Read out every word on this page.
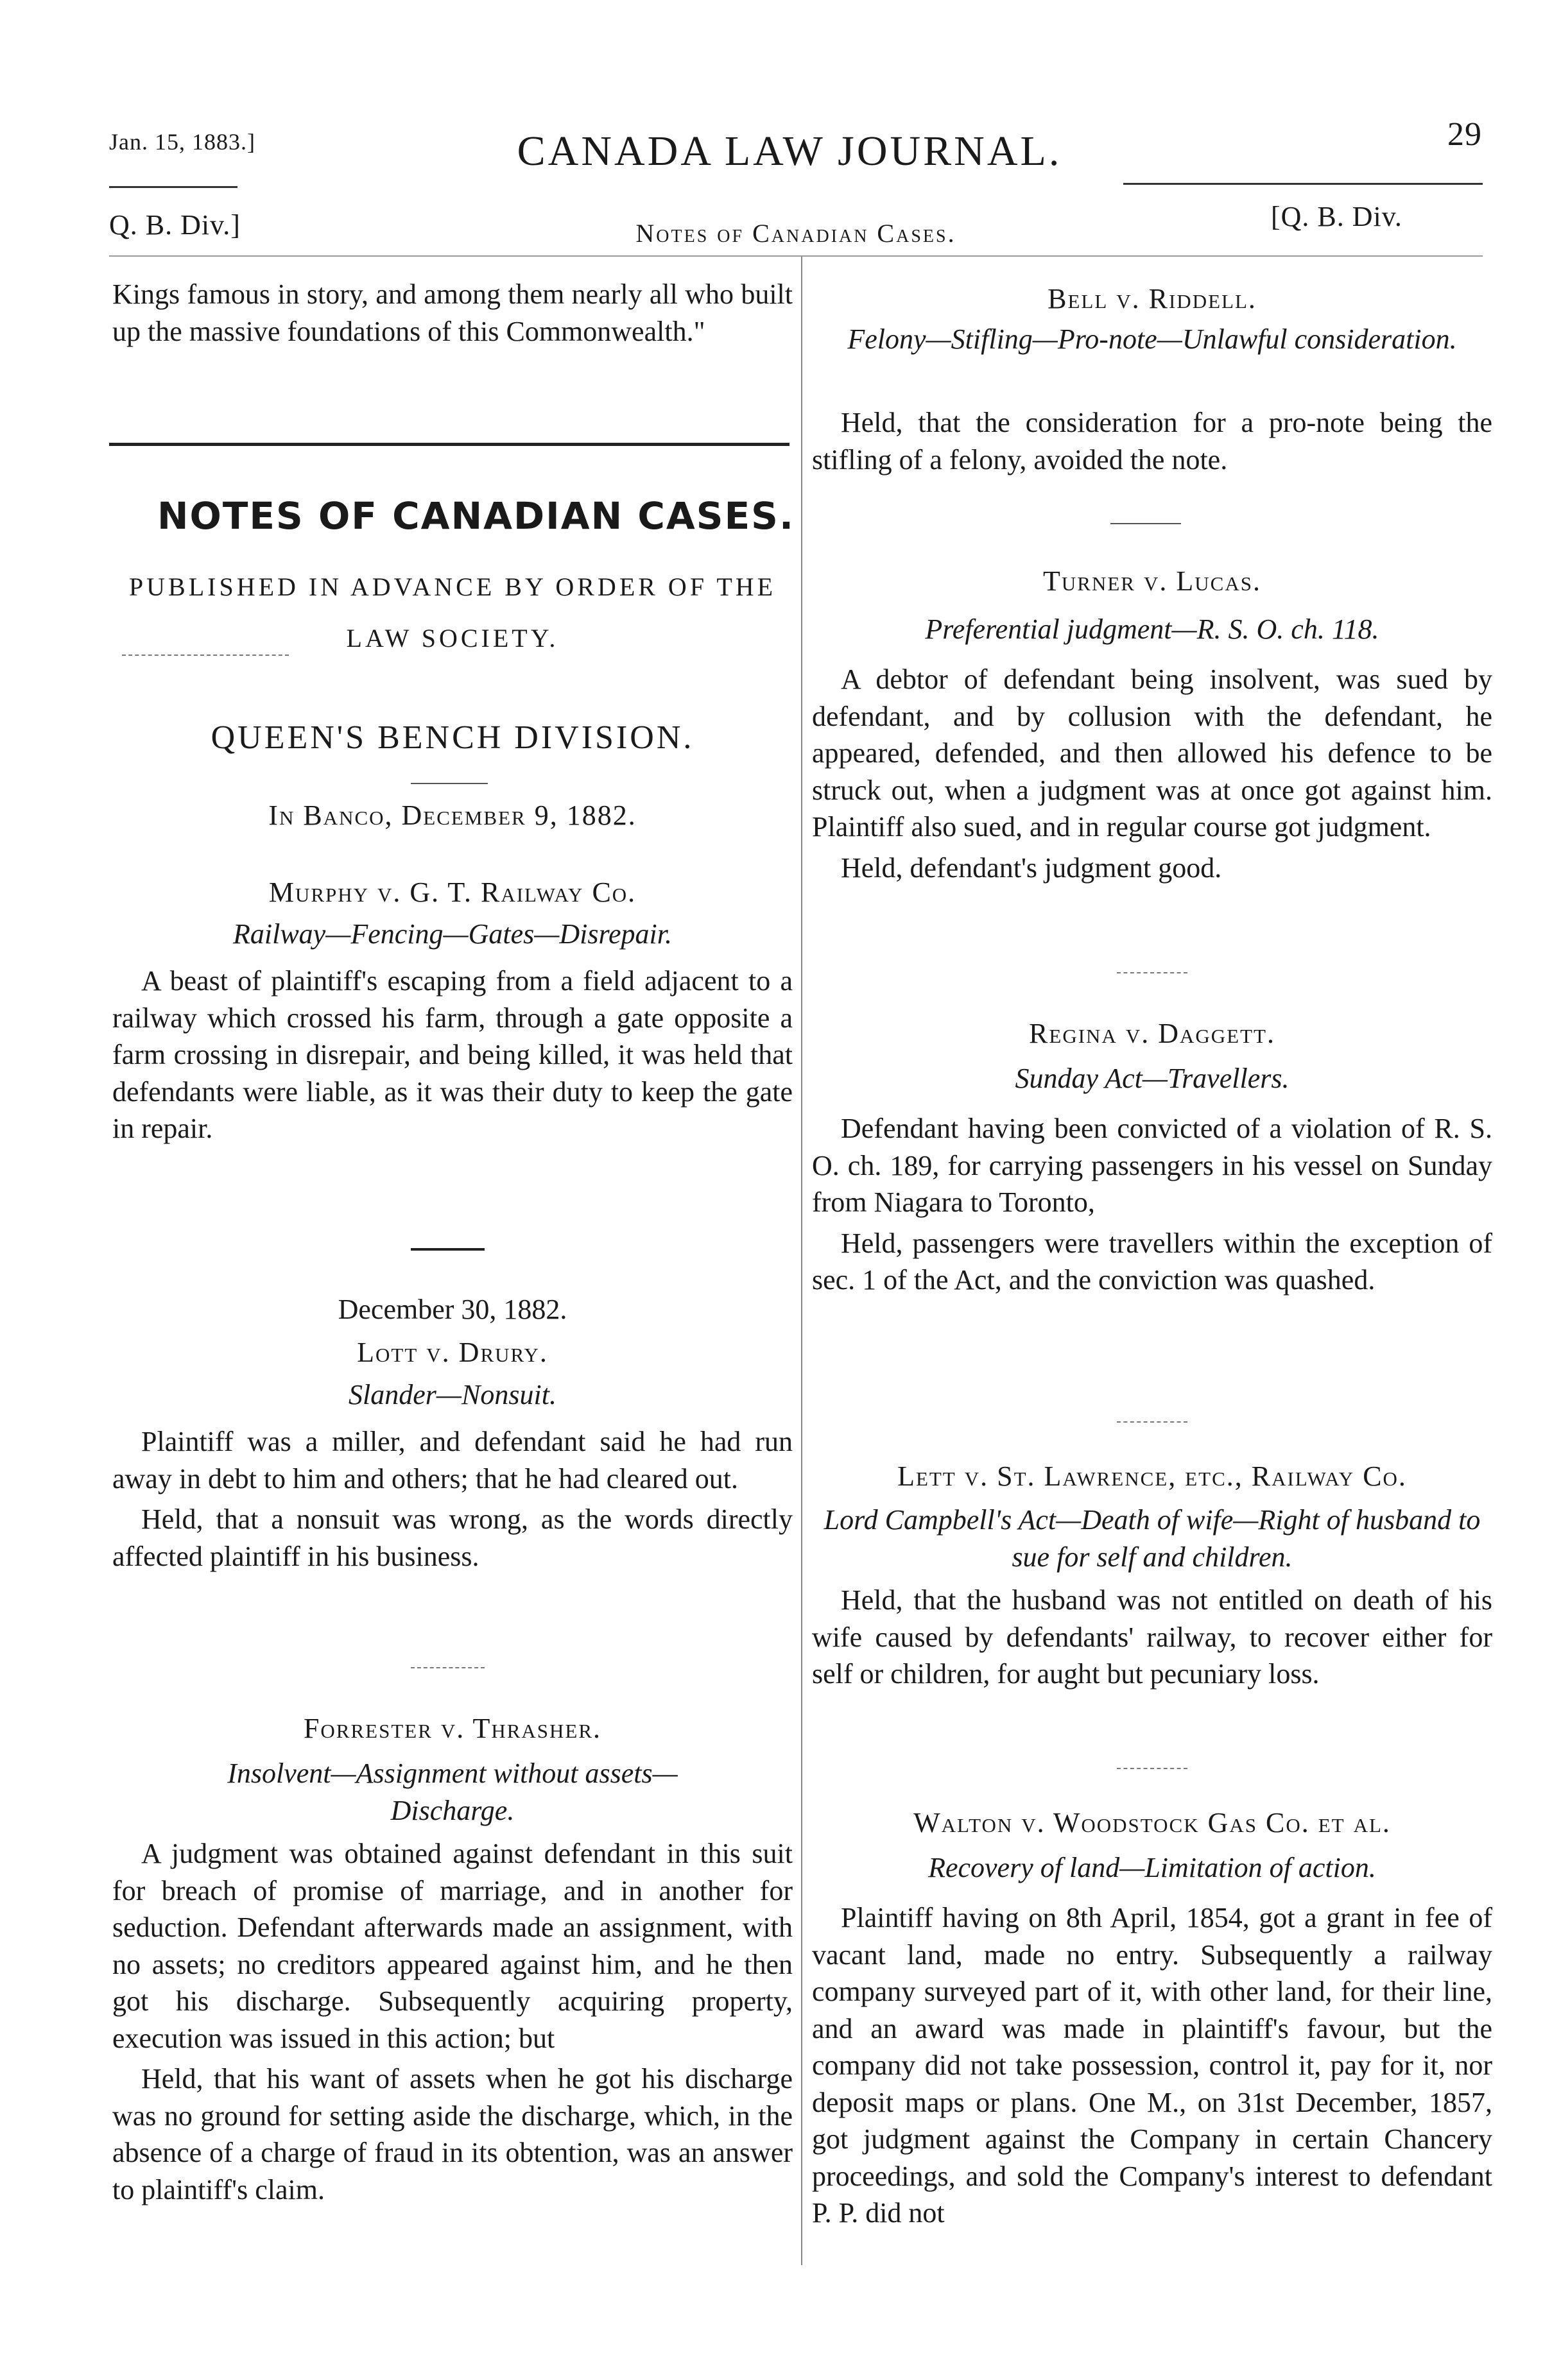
Jan. 15, 1883.]	CANADA LAW JOURNAL.	29
Q. B. Div.]	Notes of Canadian Cases.
[Q. B. Div.

Kings famous in story, and among them nearly all who built up the massive foundations of this Commonwealth."

NOTES OF CANADIAN CASES.
PUBLISHED IN ADVANCE BY ORDER OF THE LAW SOCIETY.
QUEEN'S BENCH DIVISION.
In Banco, December 9, 1882.
Murphy v. G. T. Railway Co.
Railway—Fencing—Gates—Disrepair.

A beast of plaintiff's escaping from a field adjacent to a railway which crossed his farm, through a gate opposite a farm crossing in disrepair, and being killed, it was held that defendants were liable, as it was their duty to keep the gate in repair.

December 30, 1882.
Lott v. Drury.
Slander—Nonsuit.

Plaintiff was a miller, and defendant said he had run away in debt to him and others; that he had cleared out.

Held, that a nonsuit was wrong, as the words directly affected plaintiff in his business.

Forrester v. Thrasher.
Insolvent—Assignment without assets—Discharge.

A judgment was obtained against defendant in this suit for breach of promise of marriage, and in another for seduction. Defendant afterwards made an assignment, with no assets; no creditors appeared against him, and he then got his discharge. Subsequently acquiring property, execution was issued in this action; but

Held, that his want of assets when he got his discharge was no ground for setting aside the discharge, which, in the absence of a charge of fraud in its obtention, was an answer to plaintiff's claim.

Bell v. Riddell.
Felony—Stifling—Pro-note—Unlawful consideration.

Held, that the consideration for a pro-note being the stifling of a felony, avoided the note.

Turner v. Lucas.
Preferential judgment—R. S. O. ch. 118.

A debtor of defendant being insolvent, was sued by defendant, and by collusion with the defendant, he appeared, defended, and then allowed his defence to be struck out, when a judgment was at once got against him. Plaintiff also sued, and in regular course got judgment.

Held, defendant's judgment good.

Regina v. Daggett.
Sunday Act—Travellers.

Defendant having been convicted of a violation of R. S. O. ch. 189, for carrying passengers in his vessel on Sunday from Niagara to Toronto,

Held, passengers were travellers within the exception of sec. 1 of the Act, and the conviction was quashed.

Lett v. St. Lawrence, etc., Railway Co.
Lord Campbell's Act—Death of wife—Right of husband to sue for self and children.

Held, that the husband was not entitled on death of his wife caused by defendants' railway, to recover either for self or children, for aught but pecuniary loss.

Walton v. Woodstock Gas Co. et al.
Recovery of land—Limitation of action.

Plaintiff having on 8th April, 1854, got a grant in fee of vacant land, made no entry. Subsequently a railway company surveyed part of it, with other land, for their line, and an award was made in plaintiff's favour, but the company did not take possession, control it, pay for it, nor deposit maps or plans. One M., on 31st December, 1857, got judgment against the Company in certain Chancery proceedings, and sold the Company's interest to defendant P. P. did not
